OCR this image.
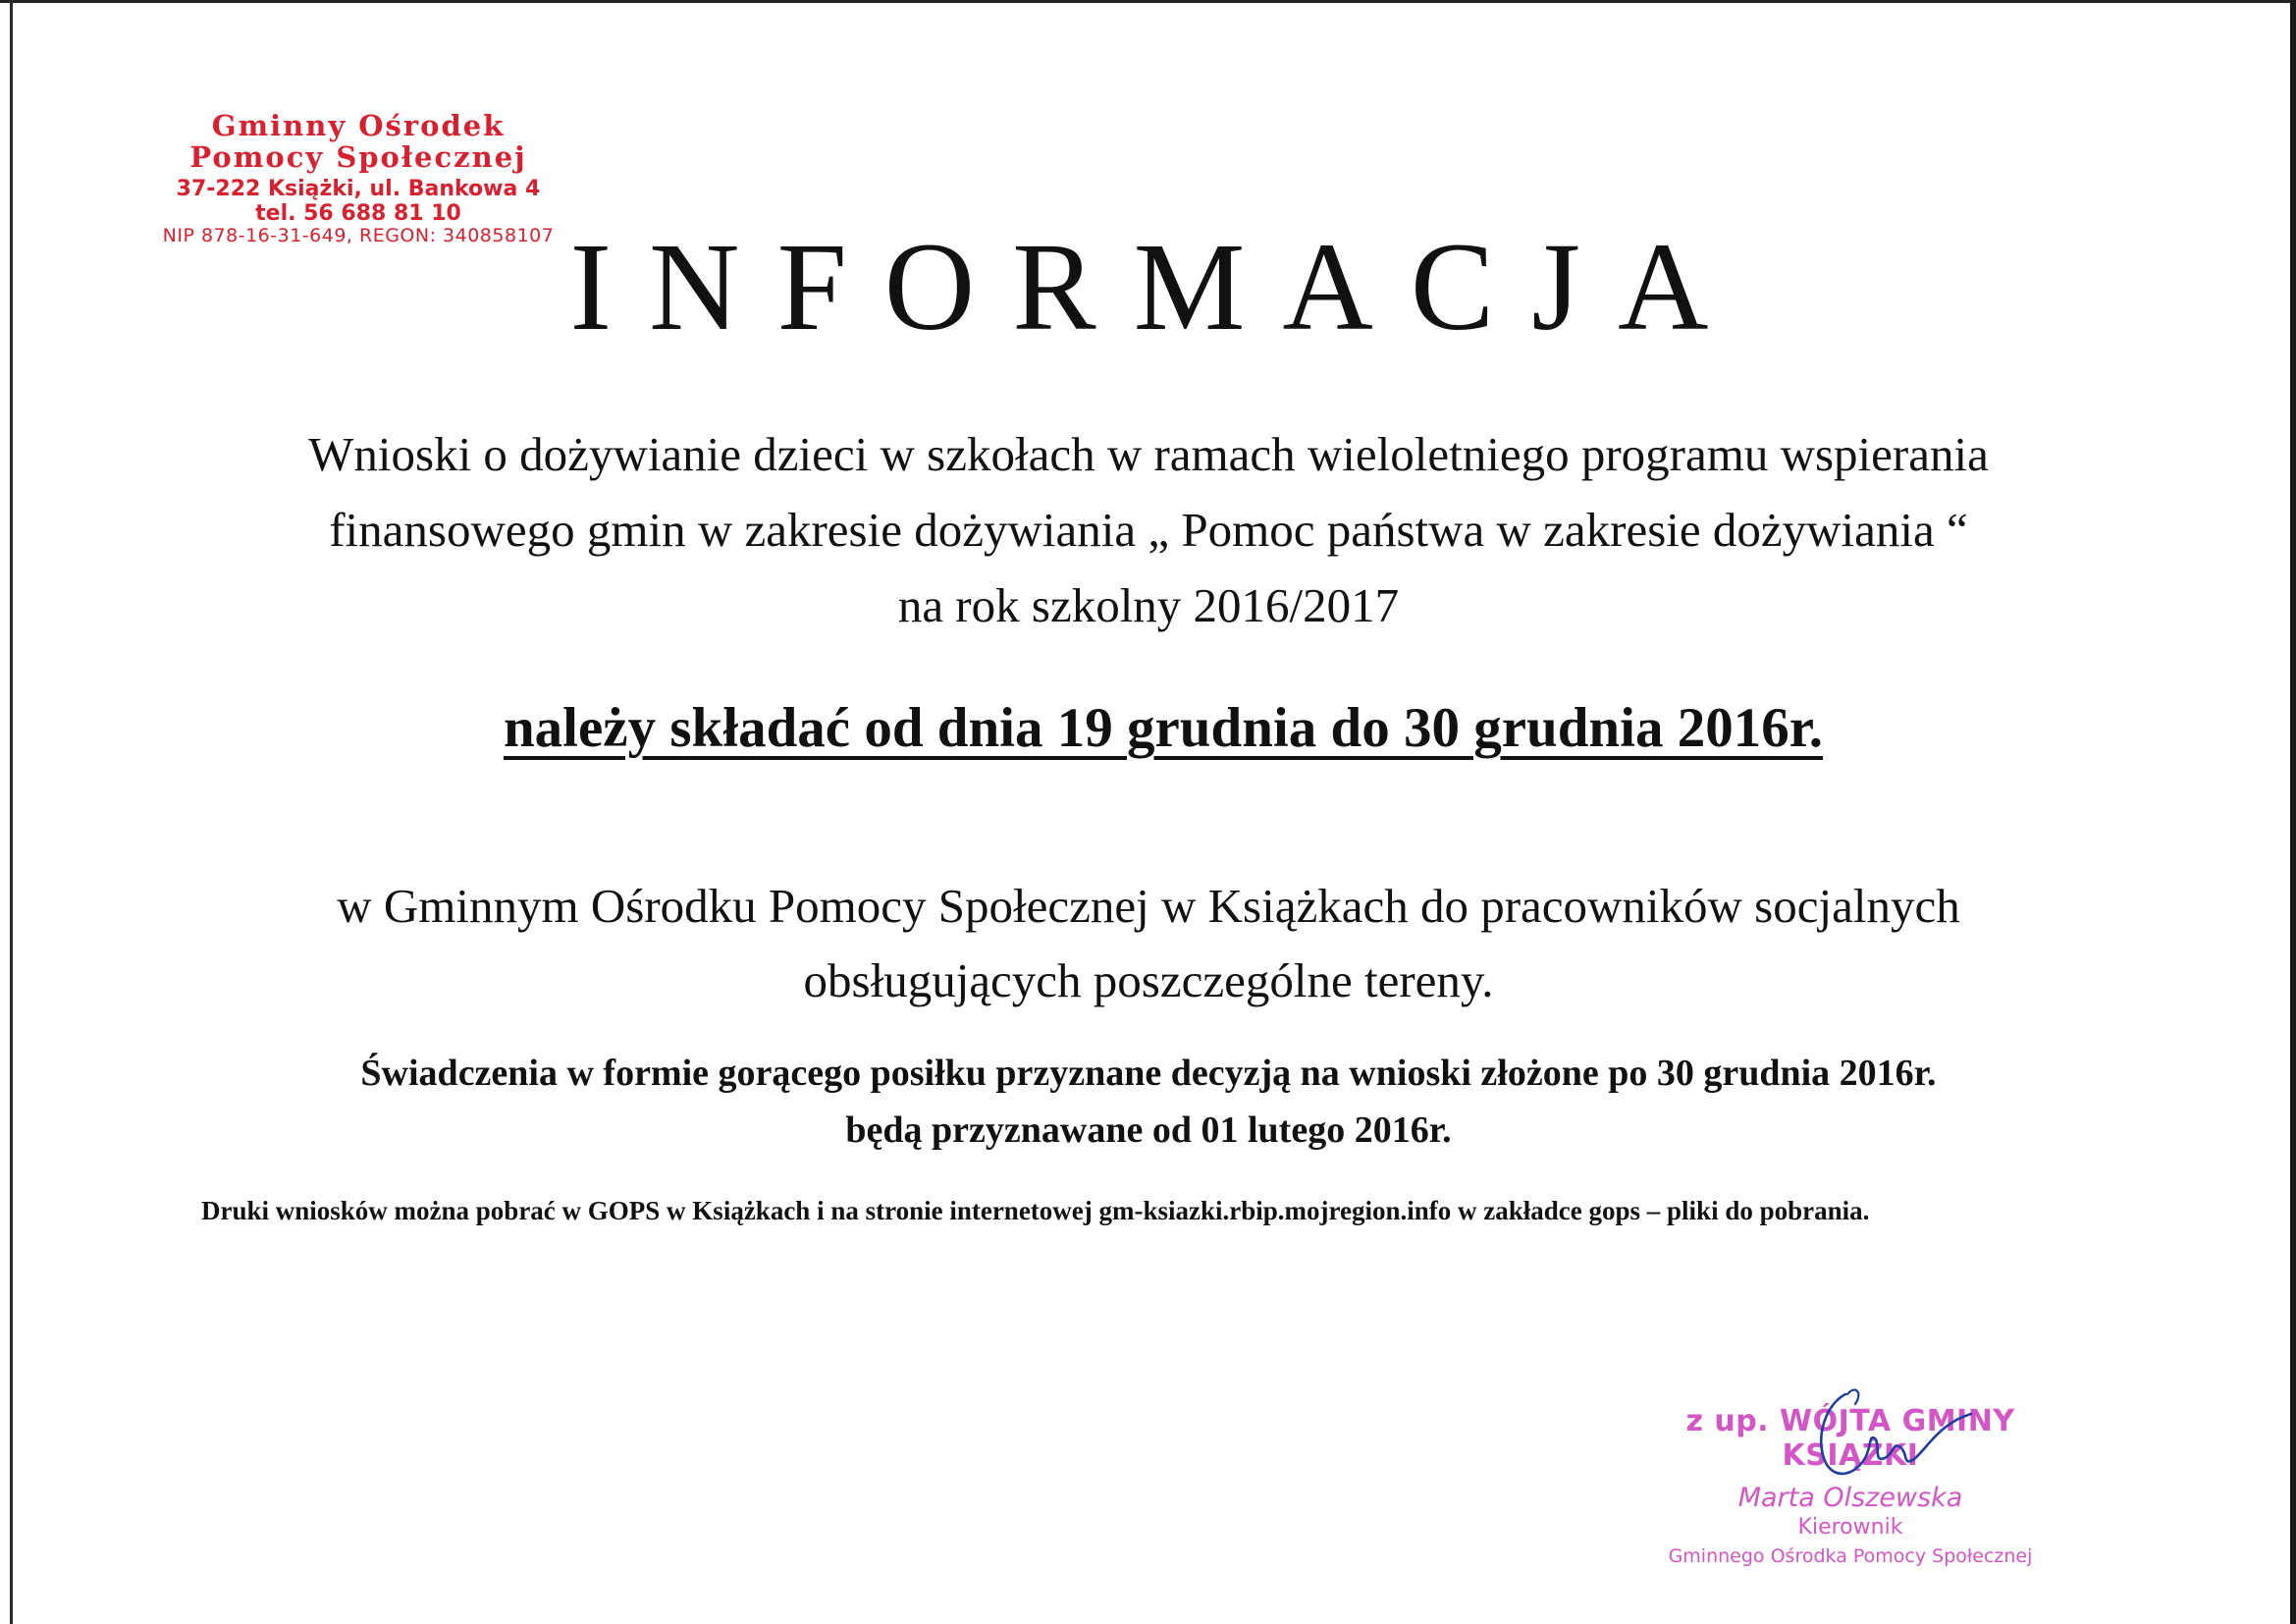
Gminny Ośrodek
Pomocy Społecznej
37-222 Książki, ul. Bankowa 4
tel. 56 688 81 10
NIP 878-16-31-649, REGON: 340858107 INFORMACJA
Wnioski o dożywianie dzieci w szkołach w ramach wieloletniego programu wspierania
finansowego gmin w zakresie dożywiania „ Pomoc państwa w zakresie dożywiania “
na rok szkolny 2016/2017
należy składać od dnia 19 grudnia do 30 grudnia 2016r.
w Gminnym Ośrodku Pomocy Społecznej w Książkach do pracowników socjalnych
obsługujących poszczególne tereny.
Świadczenia w formie gorącego posiłku przyznane decyzją na wnioski złożone po 30 grudnia 2016r.
będą przyznawane od 01 lutego 2016r.
Druki wniosków można pobrać w GOPS w Książkach i na stronie internetowej gm-ksiazki.rbip.mojregion.info w zakładce gops – pliki do pobrania.
z up. WÓJTA GMINY KSIĄŻKI
Marta Olszewska
Kierownik
Gminnego Ośrodka Pomocy Społecznej
